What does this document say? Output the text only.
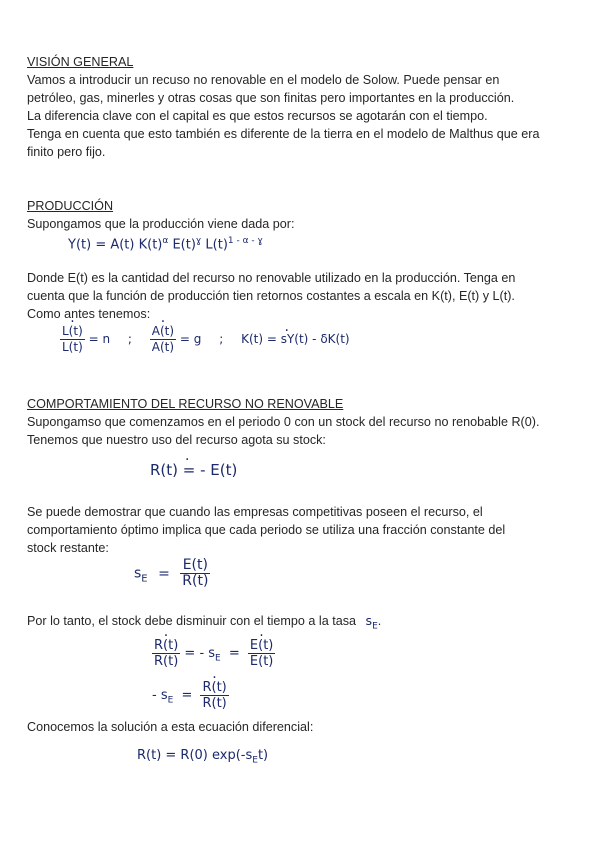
VISIÓN GENERAL
Vamos a introducir un recuso no renovable en el modelo de Solow. Puede pensar en
petróleo, gas, minerles y otras cosas que son finitas pero importantes en la producción.
La diferencia clave con el capital es que estos recursos se agotarán con el tiempo.
Tenga en cuenta que esto también es diferente de la tierra en el modelo de Malthus que era
finito pero fijo.
PRODUCCIÓN
Supongamos que la producción viene dada por:
Y(t) = A(t) $K(t)^\alpha$ $E(t)^ɣ$ $L(t)^{1 - \alpha - ɣ}$
Donde E(t) es la cantidad del recurso no renovable utilizado en la producción. Tenga en
cuenta que la función de producción tien retornos costantes a escala en K(t), E(t) y L(t).
Como antes tenemos:
· $\frac{L(t)}{L(t)} = n$ ; · $\frac{A(t)}{A(t)} = g$ ; · K(t) = sY(t) - δK(t)
COMPORTAMIENTO DEL RECURSO NO RENOVABLE
Supongamso que comenzamos en el periodo 0 con un stock del recurso no renobable R(0).
Tenemos que nuestro uso del recurso agota su stock:
· R(t) = - E(t)
Se puede demostrar que cuando las empresas competitivas poseen el recurso, el
comportamiento óptimo implica que cada periodo se utiliza una fracción constante del
stock restante:
$s_E = \frac{E(t)}{R(t)}$
Por lo tanto, el stock debe disminuir con el tiempo a la tasa $s_E$.
· $\frac{R(t)}{R(t)}$ = - $s_E$ = · $\frac{E(t)}{E(t)}$
- $s_E$ = · $\frac{R(t)}{R(t)}$
Conocemos la solución a esta ecuación diferencial:
R(t) = R(0) $\exp(-s_Et)$
